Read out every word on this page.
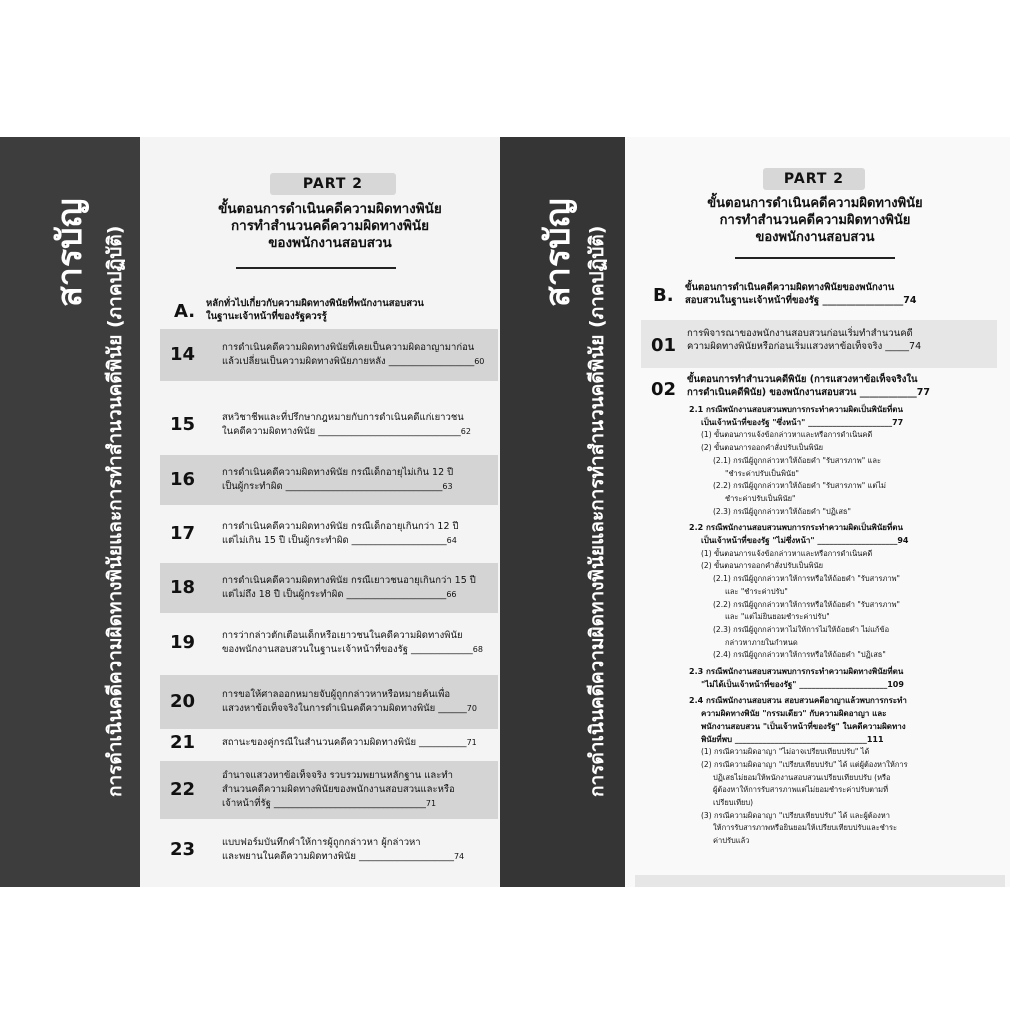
สารบัญ การดำเนินคดีความผิดทางพินัยและการทำสำนวนคดีพินัย (ภาคปฏิบัติ)
PART 2
ขั้นตอนการดำเนินคดีความผิดทางพินัย
การทำสำนวนคดีความผิดทางพินัย
ของพนักงานสอบสวน
A. หลักทั่วไปเกี่ยวกับความผิดทางพินัยที่พนักงานสอบสวน
ในฐานะเจ้าหน้าที่ของรัฐควรรู้
14	การดำเนินคดีความผิดทางพินัยที่เคยเป็นความผิดอาญามาก่อน
แล้วเปลี่ยนเป็นความผิดทางพินัยภายหลัง __________________60
15	สหวิชาชีพและที่ปรึกษากฎหมายกับการดำเนินคดีแก่เยาวชน
ในคดีความผิดทางพินัย ______________________________62
16	การดำเนินคดีความผิดทางพินัย กรณีเด็กอายุไม่เกิน 12 ปี
เป็นผู้กระทำผิด _________________________________63
17	การดำเนินคดีความผิดทางพินัย กรณีเด็กอายุเกินกว่า 12 ปี
แต่ไม่เกิน 15 ปี เป็นผู้กระทำผิด ____________________64
18	การดำเนินคดีความผิดทางพินัย กรณีเยาวชนอายุเกินกว่า 15 ปี
แต่ไม่ถึง 18 ปี เป็นผู้กระทำผิด _____________________66
19	การว่ากล่าวตักเตือนเด็กหรือเยาวชนในคดีความผิดทางพินัย
ของพนักงานสอบสวนในฐานะเจ้าหน้าที่ของรัฐ _____________68
20	การขอให้ศาลออกหมายจับผู้ถูกกล่าวหาหรือหมายค้นเพื่อ
แสวงหาข้อเท็จจริงในการดำเนินคดีความผิดทางพินัย ______70
21	สถานะของคู่กรณีในสำนวนคดีความผิดทางพินัย __________71
22
อำนาจแสวงหาข้อเท็จจริง รวบรวมพยานหลักฐาน และทำ
สำนวนคดีความผิดทางพินัยของพนักงานสอบสวนและหรือ
เจ้าหน้าที่รัฐ ________________________________71
23	แบบฟอร์มบันทึกคำให้การผู้ถูกกล่าวหา ผู้กล่าวหา
และพยานในคดีความผิดทางพินัย ____________________74
สารบัญ การดำเนินคดีความผิดทางพินัยและการทำสำนวนคดีพินัย (ภาคปฏิบัติ)
PART 2
ขั้นตอนการดำเนินคดีความผิดทางพินัย
การทำสำนวนคดีความผิดทางพินัย
ของพนักงานสอบสวน
B. ขั้นตอนการดำเนินคดีความผิดทางพินัยของพนักงาน
สอบสวนในฐานะเจ้าหน้าที่ของรัฐ _________________74
01
การพิจารณาของพนักงานสอบสวนก่อนเริ่มทำสำนวนคดี
ความผิดทางพินัยหรือก่อนเริ่มแสวงหาข้อเท็จจริง _____74
02 ขั้นตอนการทำสำนวนคดีพินัย (การแสวงหาข้อเท็จจริงใน
การดำเนินคดีพินัย) ของพนักงานสอบสวน ____________77
2.1 กรณีพนักงานสอบสวนพบการกระทำความผิดเป็นพินัยที่ตน
เป็นเจ้าหน้าที่ของรัฐ "ซึ่งหน้า" _____________________77
(1) ขั้นตอนการแจ้งข้อกล่าวหาและหรือการดำเนินคดี
(2) ขั้นตอนการออกคำสั่งปรับเป็นพินัย
(2.1) กรณีผู้ถูกกล่าวหาให้ถ้อยคำ "รับสารภาพ" และ
"ชำระค่าปรับเป็นพินัย"
(2.2) กรณีผู้ถูกกล่าวหาให้ถ้อยคำ "รับสารภาพ" แต่ไม่
ชำระค่าปรับเป็นพินัย"
(2.3) กรณีผู้ถูกกล่าวหาให้ถ้อยคำ "ปฏิเสธ"
2.2 กรณีพนักงานสอบสวนพบการกระทำความผิดเป็นพินัยที่ตน
เป็นเจ้าหน้าที่ของรัฐ "ไม่ซึ่งหน้า" ____________________94
(1) ขั้นตอนการแจ้งข้อกล่าวหาและหรือการดำเนินคดี
(2) ขั้นตอนการออกคำสั่งปรับเป็นพินัย
(2.1) กรณีผู้ถูกกล่าวหาให้การหรือให้ถ้อยคำ "รับสารภาพ"
และ "ชำระค่าปรับ"
(2.2) กรณีผู้ถูกกล่าวหาให้การหรือให้ถ้อยคำ "รับสารภาพ"
และ "แต่ไม่ยินยอมชำระค่าปรับ"
(2.3) กรณีผู้ถูกกล่าวหาไม่ให้การไม่ให้ถ้อยคำ ไม่แก้ข้อ
กล่าวหาภายในกำหนด
(2.4) กรณีผู้ถูกกล่าวหาให้การหรือให้ถ้อยคำ "ปฏิเสธ"
2.3 กรณีพนักงานสอบสวนพบการกระทำความผิดทางพินัยที่ตน
"ไม่ได้เป็นเจ้าหน้าที่ของรัฐ" ______________________109
2.4 กรณีพนักงานสอบสวน สอบสวนคดีอาญาแล้วพบการกระทำ
ความผิดทางพินัย "กรรมเดียว" กับความผิดอาญา และ
พนักงานสอบสวน "เป็นเจ้าหน้าที่ของรัฐ" ในคดีความผิดทาง
พินัยที่พบ _________________________________111
(1) กรณีความผิดอาญา "ไม่อาจเปรียบเทียบปรับ" ได้
(2) กรณีความผิดอาญา "เปรียบเทียบปรับ" ได้ แต่ผู้ต้องหาให้การ
ปฏิเสธไม่ยอมให้พนักงานสอบสวนเปรียบเทียบปรับ (หรือ
ผู้ต้องหาให้การรับสารภาพแต่ไม่ยอมชำระค่าปรับตามที่
เปรียบเทียบ)
(3) กรณีความผิดอาญา "เปรียบเทียบปรับ" ได้ และผู้ต้องหา
ให้การรับสารภาพหรือยินยอมให้เปรียบเทียบปรับและชำระ
ค่าปรับแล้ว
